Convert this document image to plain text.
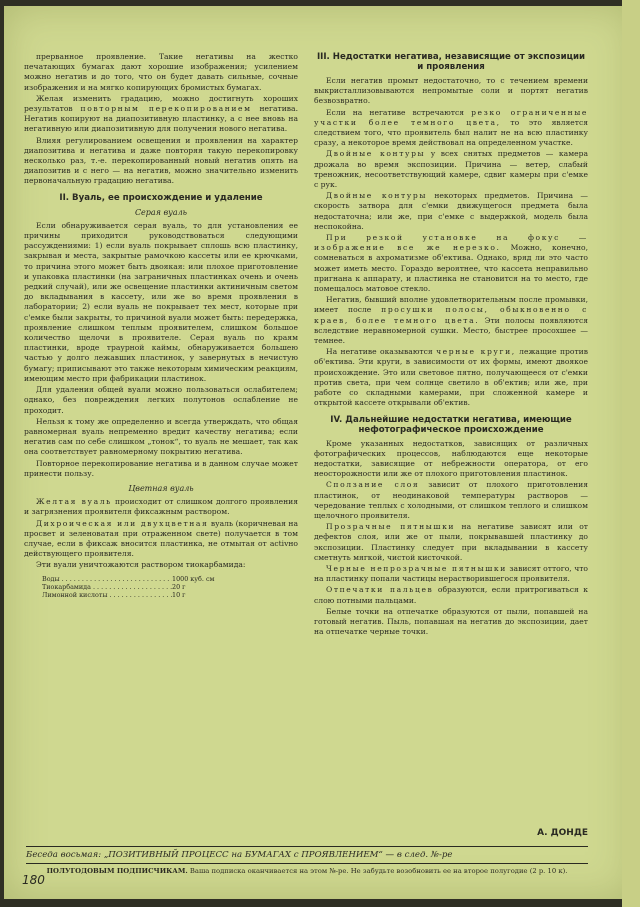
прерванное проявление. Такие негативы на жестко печатающих бумагах дают хорошие изображения; усилением можно негатив и до того, что он будет давать сильные, сочные изображения и на мягко копирующих бромистых бумагах.

Желая изменить градацию, можно достигнуть хороших результатов повторным перекопированием негатива. Негатив копируют на диапозитивную пластинку, а с нее вновь на негативную или диапозитивную для получения нового негатива.

Влияя регулированием освещения и проявления на характер диапозитива и негатива и даже повторяя такую перекопировку несколько раз, т.-е. перекопированный новый негатив опять на диапозитив и с него — на негатив, можно значительно изменить первоначальную градацию негатива.

II. Вуаль, ее происхождение и удаление
Серая вуаль

Если обнаруживается серая вуаль, то для установления ее причины приходится руководствоваться следующими рассуждениями: 1) если вуаль покрывает сплошь всю пластинку, закрывая и места, закрытые рамочкою кассеты или ее крючками, то причина этого может быть двоякая: или плохое приготовление и упаковка пластинки (на заграничных пластинках очень и очень редкий случай), или же освещение пластинки актиничным светом до вкладывания в кассету, или же во время проявления в лаборатории; 2) если вуаль не покрывает тех мест, которые при с'емке были закрыты, то причиной вуали может быть: передержка, проявление слишком теплым проявителем, слишком большое количество щелочи в проявителе. Серая вуаль по краям пластинки, вроде траурной каймы, обнаруживается большею частью у долго лежавших пластинок, у завернутых в нечистую бумагу; приписывают это также некоторым химическим реакциям, имеющим место при фабрикации пластинок.

Для удаления общей вуали можно пользоваться ослабителем; однако, без повреждения легких полутонов ослабление не проходит.

Нельзя к тому же определенно и всегда утверждать, что общая равномерная вуаль непременно вредит качеству негатива; если негатив сам по себе слишком „тонок“, то вуаль не мешает, так как она соответствует равномерному покрытию негатива.

Повторное перекопирование негатива и в данном случае может принести пользу.

Цветная вуаль

Желтая вуаль происходит от слишком долгого проявления и загрязнения проявителя фиксажным раствором.

Дихроическая или двухцветная вуаль (коричневая на просвет и зеленоватая при отраженном свете) получается в том случае, если в фиксаж вносится пластинка, не отмытая от activно действующего проявителя.

Эти вуали уничтожаются раствором тиокарбамида:

Воды . . .	1000 куб. см
Тиокарбамида . . .	20 г
Лимонной кислоты . . .	10 г
III. Недостатки негатива, независящие от экспозиции и проявления

Если негатив промыт недостаточно, то с течением времени выкристаллизовываются непромытые соли и портят негатив безвозвратно.

Если на негативе встречаются резко ограниченные участки более темного цвета, то это является следствием того, что проявитель был налит не на всю пластинку сразу, а некоторое время действовал на определенном участке.

Двойные контуры у всех снятых предметов — камера дрожала во время экспозиции. Причина — ветер, слабый треножник, несоответствующий камере, сдвиг камеры при с'емке с рук.

Двойные контуры некоторых предметов. Причина — скорость затвора для с'емки движущегося предмета была недостаточна; или же, при с'емке с выдержкой, модель была неспокойна.

При резкой установке на фокус — изображение все же нерезко. Можно, конечно, сомневаться в ахроматизме об'ектива. Однако, вряд ли это часто может иметь место. Гораздо вероятнее, что кассета неправильно пригнана к аппарату, и пластинка не становится на то место, где помещалось матовое стекло.

Негатив, бывший вполне удовлетворительным после промывки, имеет после просушки полосы, обыкновенно с краев, более темного цвета. Эти полосы появляются вследствие неравномерной сушки. Место, быстрее просохшее — темнее.

На негативе оказываются черные круги, лежащие против об'ектива. Эти круги, в зависимости от их формы, имеют двоякое происхождение. Это или световое пятно, получающееся от с'емки против света, при чем солнце светило в об'ектив; или же, при работе со складными камерами, при сложенной камере и открытой кассете открывали об'ектив.

IV. Дальнейшие недостатки негатива, имеющие нефотографическое происхождение

Кроме указанных недостатков, зависящих от различных фотографических процессов, наблюдаются еще некоторые недостатки, зависящие от небрежности оператора, от его неосторожности или же от плохого приготовления пластинок.

Сползание слоя зависит от плохого приготовления пластинок, от неодинаковой температуры растворов — чередование теплых с холодными, от слишком теплого и слишком щелочного проявителя.

Прозрачные пятнышки на негативе зависят или от дефектов слоя, или же от пыли, покрывавшей пластинку до экспозиции. Пластинку следует при вкладывании в кассету сметнуть мягкой, чистой кисточкой.

Черные непрозрачные пятнышки зависят оттого, что на пластинку попали частицы нерастворившегося проявителя.

Отпечатки пальцев образуются, если притрогиваться к слою потными пальцами.

Белые точки на отпечатке образуются от пыли, попавшей на готовый негатив. Пыль, попавшая на негатив до экспозиции, дает на отпечатке черные точки.

А. ДОНДЕ
Беседа восьмая: „ПОЗИТИВНЫЙ ПРОЦЕСС на БУМАГАХ с ПРОЯВЛЕНИЕМ“ — в след. №-ре
ПОЛУГОДОВЫМ ПОДПИСЧИКАМ. Ваша подписка оканчивается на этом №-ре. Не забудьте возобновить ее на второе полугодие (2 р. 10 к).
180
